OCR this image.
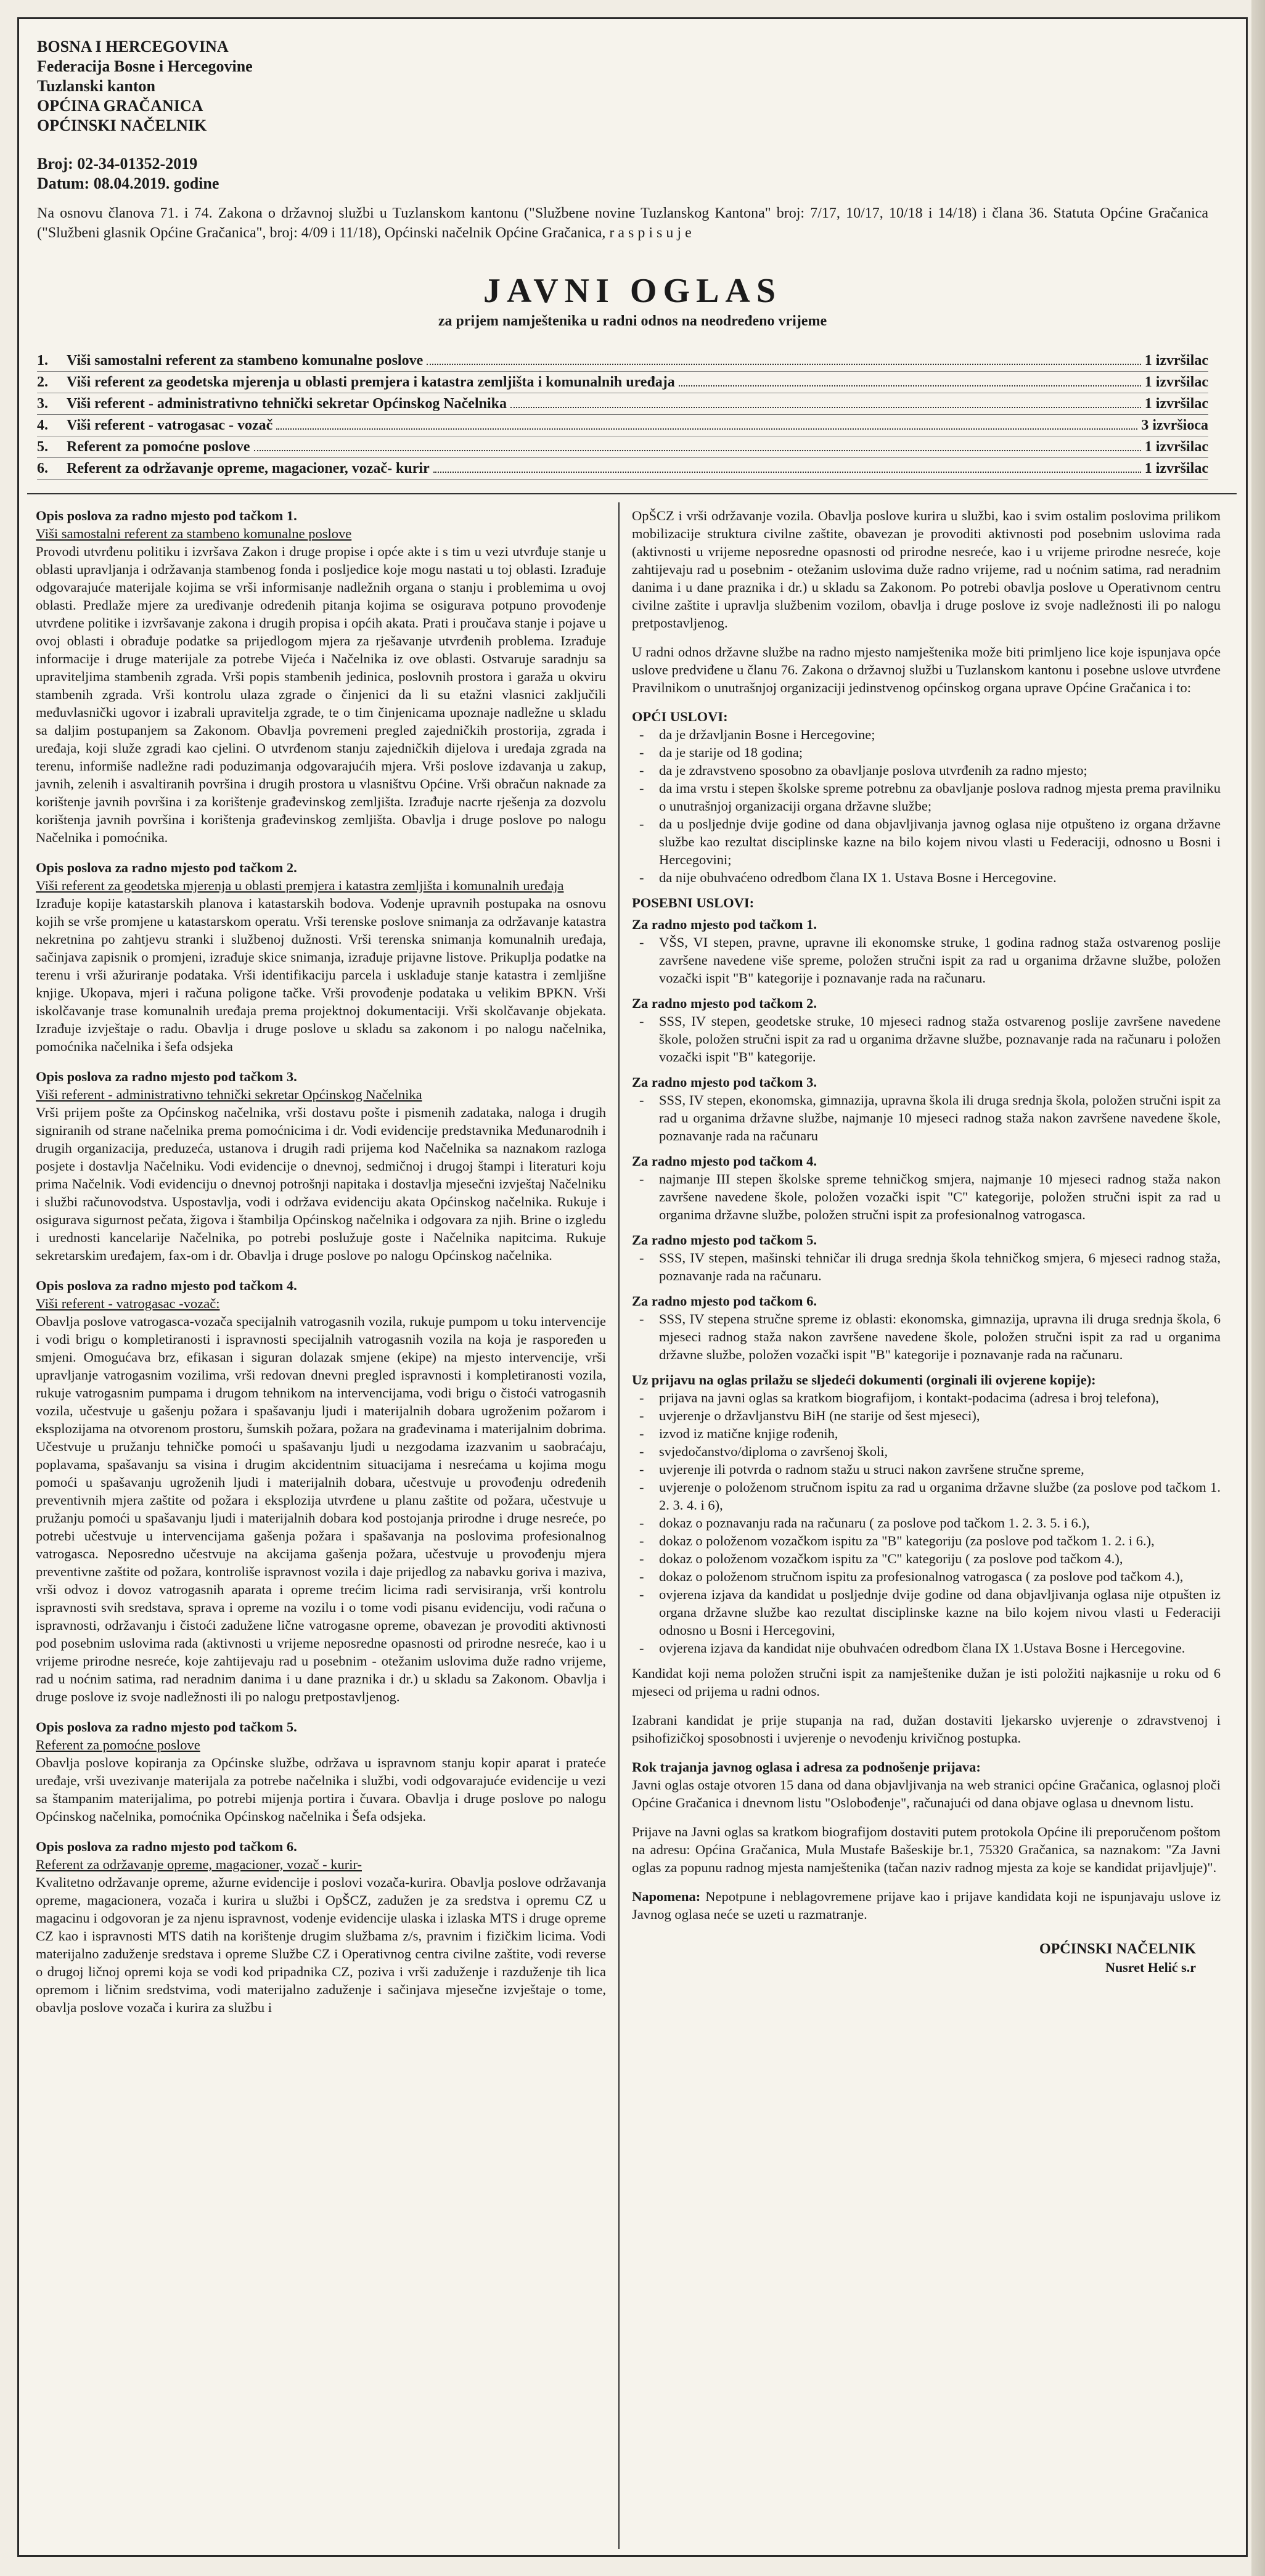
BOSNA I HERCEGOVINA
Federacija Bosne i Hercegovine
Tuzlanski kanton
OPĆINA GRAČANICA
OPĆINSKI NAČELNIK
Broj: 02-34-01352-2019
Datum: 08.04.2019. godine
Na osnovu članova 71. i 74. Zakona o državnoj službi u Tuzlanskom kantonu ("Službene novine Tuzlanskog Kantona" broj: 7/17, 10/17, 10/18 i 14/18) i člana 36. Statuta Općine Gračanica ("Službeni glasnik Općine Gračanica", broj: 4/09 i 11/18), Općinski načelnik Općine Gračanica, r a s p i s u j e
JAVNI OGLAS
za prijem namještenika u radni odnos na neodređeno vrijeme
1.	Viši samostalni referent za stambeno komunalne poslove	1 izvršilac
2.	Viši referent za geodetska mjerenja u oblasti premjera i katastra zemljišta i komunalnih uređaja	1 izvršilac
3.	Viši referent - administrativno tehnički sekretar Općinskog Načelnika	1 izvršilac
4.	Viši referent - vatrogasac - vozač	3 izvršioca
5.	Referent za pomoćne poslove	1 izvršilac
6.	Referent za održavanje opreme, magacioner, vozač- kurir	1 izvršilac
Opis poslova za radno mjesto pod tačkom 1.
Viši samostalni referent za stambeno komunalne poslove
Provodi utvrđenu politiku i izvršava Zakon i druge propise i opće akte i s tim u vezi utvrđuje stanje u oblasti upravljanja i održavanja stambenog fonda i posljedice koje mogu nastati u toj oblasti. Izrađuje odgovarajuće materijale kojima se vrši informisanje nadležnih organa o stanju i problemima u ovoj oblasti. Predlaže mjere za uređivanje određenih pitanja kojima se osigurava potpuno provođenje utvrđene politike i izvršavanje zakona i drugih propisa i općih akata. Prati i proučava stanje i pojave u ovoj oblasti i obrađuje podatke sa prijedlogom mjera za rješavanje utvrđenih problema. Izrađuje informacije i druge materijale za potrebe Vijeća i Načelnika iz ove oblasti. Ostvaruje saradnju sa upraviteljima stambenih zgrada. Vrši popis stambenih jedinica, poslovnih prostora i garaža u okviru stambenih zgrada. Vrši kontrolu ulaza zgrade o činjenici da li su etažni vlasnici zaključili međuvlasnički ugovor i izabrali upravitelja zgrade, te o tim činjenicama upoznaje nadležne u skladu sa dalјim postupanjem sa Zakonom. Obavlja povremeni pregled zajedničkih prostorija, zgrada i uređaja, koji služe zgradi kao cjelini. O utvrđenom stanju zajedničkih dijelova i uređaja zgrada na terenu, informiše nadležne radi poduzimanja odgovarajućih mjera. Vrši poslove izdavanja u zakup, javnih, zelenih i asvaltiranih površina i drugih prostora u vlasništvu Općine. Vrši obračun naknade za korištenje javnih površina i za korištenje građevinskog zemljišta. Izrađuje nacrte rješenja za dozvolu korištenja javnih površina i korištenja građevinskog zemljišta. Obavlja i druge poslove po nalogu Načelnika i pomoćnika.
Opis poslova za radno mjesto pod tačkom 2.
Viši referent za geodetska mjerenja u oblasti premjera i katastra zemljišta i komunalnih uređaja
Izrađuje kopije katastarskih planova i katastarskih bodova. Vodenje upravnih postupaka na osnovu kojih se vrše promjene u katastarskom operatu. Vrši terenske poslove snimanja za održavanje katastra nekretnina po zahtjevu stranki i službenoj dužnosti. Vrši terenska snimanja komunalnih uređaja, sačinjava zapisnik o promjeni, izrađuje skice snimanja, izrađuje prijavne listove. Prikuplja podatke na terenu i vrši ažuriranje podataka. Vrši identifikaciju parcela i usklađuje stanje katastra i zemljišne knjige. Ukopava, mjeri i računa poligone tačke. Vrši provođenje podataka u velikim BPKN. Vrši iskolčavanje trase komunalnih uređaja prema projektnoj dokumentaciji. Vrši skolčavanje objekata. Izrađuje izvještaje o radu. Obavlja i druge poslove u skladu sa zakonom i po nalogu načelnika, pomoćnika načelnika i šefa odsjeka
Opis poslova za radno mjesto pod tačkom 3.
Viši referent - administrativno tehnički sekretar Općinskog Načelnika
Vrši prijem pošte za Općinskog načelnika, vrši dostavu pošte i pismenih zadataka, naloga i drugih signiranih od strane načelnika prema pomoćnicima i dr. Vodi evidencije predstavnika Međunarodnih i drugih organizacija, preduzeća, ustanova i drugih radi prijema kod Načelnika sa naznakom razloga posjete i dostavlja Načelniku. Vodi evidencije o dnevnoj, sedmičnoj i drugoj štampi i literaturi koju prima Načelnik. Vodi evidenciju o dnevnoj potrošnji napitaka i dostavlja mjesečni izvještaj Načelniku i službi računovodstva. Uspostavlja, vodi i održava evidenciju akata Općinskog načelnika. Rukuje i osigurava sigurnost pečata, žigova i štambilja Općinskog načelnika i odgovara za njih. Brine o izgledu i urednosti kancelarije Načelnika, po potrebi poslužuje goste i Načelnika napitcima. Rukuje sekretarskim uređajem, fax-om i dr. Obavlja i druge poslove po nalogu Općinskog načelnika.
Opis poslova za radno mjesto pod tačkom 4.
Viši referent - vatrogasac -vozač:
Obavlja poslove vatrogasca-vozača specijalnih vatrogasnih vozila, rukuje pumpom u toku intervencije i vodi brigu o kompletiranosti i ispravnosti specijalnih vatrogasnih vozila na koja je raspoređen u smjeni. Omogućava brz, efikasan i siguran dolazak smjene (ekipe) na mjesto intervencije, vrši upravljanje vatrogasnim vozilima, vrši redovan dnevni pregled ispravnosti i kompletiranosti vozila, rukuje vatrogasnim pumpama i drugom tehnikom na intervencijama, vodi brigu o čistoći vatrogasnih vozila, učestvuje u gašenju požara i spašavanju ljudi i materijalnih dobara ugroženim požarom i eksplozijama na otvorenom prostoru, šumskih požara, požara na građevinama i materijalnim dobrima. Učestvuje u pružanju tehničke pomoći u spašavanju ljudi u nezgodama izazvanim u saobraćaju, poplavama, spašavanju sa visina i drugim akcidentnim situacijama i nesrećama u kojima mogu pomoći u spašavanju ugroženih ljudi i materijalnih dobara, učestvuje u provođenju određenih preventivnih mjera zaštite od požara i eksplozija utvrđene u planu zaštite od požara, učestvuje u pružanju pomoći u spašavanju ljudi i materijalnih dobara kod postojanja prirodne i druge nesreće, po potrebi učestvuje u intervencijama gašenja požara i spašavanja na poslovima profesionalnog vatrogasca. Neposredno učestvuje na akcijama gašenja požara, učestvuje u provođenju mjera preventivne zaštite od požara, kontroliše ispravnost vozila i daje prijedlog za nabavku goriva i maziva, vrši odvoz i dovoz vatrogasnih aparata i opreme trećim licima radi servisiranja, vrši kontrolu ispravnosti svih sredstava, sprava i opreme na vozilu i o tome vodi pisanu evidenciju, vodi računa o ispravnosti, održavanju i čistoći zaduženе lične vatrogasne opreme, obavezan je provoditi aktivnosti pod posebnim uslovima rada (aktivnosti u vrijeme neposredne opasnosti od prirodne nesreće, kao i u vrijeme prirodne nesreće, koje zahtijevaju rad u posebnim - otežanim uslovima duže radno vrijeme, rad u noćnim satima, rad neradnim danima i u dane praznika i dr.) u skladu sa Zakonom. Obavlja i druge poslove iz svoje nadležnosti ili po nalogu pretpostavljenog.
Opis poslova za radno mjesto pod tačkom 5.
Referent za pomoćne poslove
Obavlja poslove kopiranja za Općinske službe, održava u ispravnom stanju kopir aparat i prateće uređaje, vrši uvezivanje materijala za potrebe načelnika i službi, vodi odgovarajuće evidencije u vezi sa štampanim materijalima, po potrebi mijenja portira i čuvara. Obavlja i druge poslove po nalogu Općinskog načelnika, pomoćnika Općinskog načelnika i Šefa odsjeka.
Opis poslova za radno mjesto pod tačkom 6.
Referent za održavanje opreme, magacioner, vozač - kurir-
Kvalitetno održavanje opreme, ažurne evidencije i poslovi vozača-kurira. Obavlja poslove održavanja opreme, magacionera, vozača i kurira u službi i OpŠCZ, zadužen je za sredstva i opremu CZ u magacinu i odgovoran je za njenu ispravnost, vodenje evidencije ulaska i izlaska MTS i druge opreme CZ kao i ispravnosti MTS datih na korištenje drugim službama z/s, pravnim i fizičkim licima. Vodi materijalno zaduženje sredstava i opreme Službe CZ i Operativnog centra civilne zaštite, vodi reverse o drugoj ličnoj opremi koja se vodi kod pripadnika CZ, poziva i vrši zaduženje i razduženje tih lica opremom i ličnim sredstvima, vodi materijalno zaduženje i sačinjava mjesečne izvještaje o tome, obavlja poslove vozača i kurira za službu i
OpŠCZ i vrši održavanje vozila. Obavlja poslove kurira u službi, kao i svim ostalim poslovima prilikom mobilizacije struktura civilne zaštite, obavezan je provoditi aktivnosti pod posebnim uslovima rada (aktivnosti u vrijeme neposredne opasnosti od prirodne nesreće, kao i u vrijeme prirodne nesreće, koje zahtijevaju rad u posebnim - otežanim uslovima duže radno vrijeme, rad u noćnim satima, rad neradnim danima i u dane praznika i dr.) u skladu sa Zakonom. Po potrebi obavlja poslove u Operativnom centru civilne zaštite i upravlja službenim vozilom, obavlja i druge poslove iz svoje nadležnosti ili po nalogu pretpostavljenog.
U radni odnos državne službe na radno mjesto namještenika može biti primljeno lice koje ispunjava opće uslove predviđene u članu 76. Zakona o državnoj službi u Tuzlanskom kantonu i posebne uslove utvrđene Pravilnikom o unutrašnjoj organizaciji jedinstvenog općinskog organa uprave Općine Gračanica i to:
OPĆI USLOVI:
- da je državljanin Bosne i Hercegovine;
- da je starije od 18 godina;
- da je zdravstveno sposobno za obavljanje poslova utvrđenih za radno mjesto;
- da ima vrstu i stepen školske spreme potrebnu za obavljanje poslova radnog mjesta prema pravilniku o unutrašnjoj organizaciji organa državne službe;
- da u posljednje dvije godine od dana objavljivanja javnog oglasa nije otpušteno iz organa državne službe kao rezultat disciplinske kazne na bilo kojem nivou vlasti u Federaciji, odnosno u Bosni i Hercegovini;
- da nije obuhvaćeno odredbom člana IX 1. Ustava Bosne i Hercegovine.
POSEBNI USLOVI:
Za radno mjesto pod tačkom 1.
- VŠS, VI stepen, pravne, upravne ili ekonomske struke, 1 godina radnog staža ostvarenog poslije završene navedene više spreme, položen stručni ispit za rad u organima državne službe, položen vozački ispit "B" kategorije i poznavanje rada na računaru.
Za radno mjesto pod tačkom 2.
- SSS, IV stepen, geodetske struke, 10 mjeseci radnog staža ostvarenog poslije završene navedene škole, položen stručni ispit za rad u organima državne službe, poznavanje rada na računaru i položen vozački ispit "B" kategorije.
Za radno mjesto pod tačkom 3.
- SSS, IV stepen, ekonomska, gimnazija, upravna škola ili druga srednja škola, položen stručni ispit za rad u organima državne službe, najmanje 10 mjeseci radnog staža nakon završene navedene škole, poznavanje rada na računaru
Za radno mjesto pod tačkom 4.
- najmanje III stepen školske spreme tehničkog smjera, najmanje 10 mjeseci radnog staža nakon završene navedene škole, položen vozački ispit "C" kategorije, položen stručni ispit za rad u organima državne službe, položen stručni ispit za profesionalnog vatrogasca.
Za radno mjesto pod tačkom 5.
- SSS, IV stepen, mašinski tehničar ili druga srednja škola tehničkog smjera, 6 mjeseci radnog staža, poznavanje rada na računaru.
Za radno mjesto pod tačkom 6.
- SSS, IV stepena stručne spreme iz oblasti: ekonomska, gimnazija, upravna ili druga srednja škola, 6 mjeseci radnog staža nakon završene navedene škole, položen stručni ispit za rad u organima državne službe, položen vozački ispit "B" kategorije i poznavanje rada na računaru.
Uz prijavu na oglas prilažu se sljedeći dokumenti (orginali ili ovjerene kopije):
- prijava na javni oglas sa kratkom biografijom, i kontakt-podacima (adresa i broj telefona),
- uvjerenje o državljanstvu BiH (ne starije od šest mjeseci),
- izvod iz matične knjige rođenih,
- svjedočanstvo/diploma o završenoj školi,
- uvjerenje ili potvrda o radnom stažu u struci nakon završene stručne spreme,
- uvjerenje o položenom stručnom ispitu za rad u organima državne službe (za poslove pod tačkom 1. 2. 3. 4. i 6),
- dokaz o poznavanju rada na računaru ( za poslove pod tačkom 1. 2. 3. 5. i 6.),
- dokaz o položenom vozačkom ispitu za "B" kategoriju (za poslove pod tačkom 1. 2. i 6.),
- dokaz o položenom vozačkom ispitu za "C" kategoriju ( za poslove pod tačkom 4.),
- dokaz o položenom stručnom ispitu za profesionalnog vatrogasca ( za poslove pod tačkom 4.),
- ovjerena izjava da kandidat u posljednje dvije godine od dana objavljivanja oglasa nije otpušten iz organa državne službe kao rezultat disciplinske kazne na bilo kojem nivou vlasti u Federaciji odnosno u Bosni i Hercegovini,
- ovjerena izjava da kandidat nije obuhvaćen odredbom člana IX 1.Ustava Bosne i Hercegovine.
Kandidat koji nema položen stručni ispit za namještenike dužan je isti položiti najkasnije u roku od 6 mjeseci od prijema u radni odnos.
Izabrani kandidat je prije stupanja na rad, dužan dostaviti ljekarsko uvjerenje o zdravstvenoj i psihofizičkoj sposobnosti i uvjerenje o nevođenju krivičnog postupka.
Rok trajanja javnog oglasa i adresa za podnošenje prijava:
Javni oglas ostaje otvoren 15 dana od dana objavljivanja na web stranici općine Gračanica, oglasnoj ploči Općine Gračanica i dnevnom listu "Oslobođenje", računajući od dana objave oglasa u dnevnom listu.
Prijave na Javni oglas sa kratkom biografijom dostaviti putem protokola Općine ili preporučenom poštom na adresu: Općina Gračanica, Mula Mustafe Bašeskije br.1, 75320 Gračanica, sa naznakom: "Za Javni oglas za popunu radnog mjesta namještenika (tačan naziv radnog mjesta za koje se kandidat prijavljuje)".
Napomena: Nepotpune i neblagovremene prijave kao i prijave kandidata koji ne ispunjavaju uslove iz Javnog oglasa neće se uzeti u razmatranje.
OPĆINSKI NAČELNIK
Nusret Helić s.r
